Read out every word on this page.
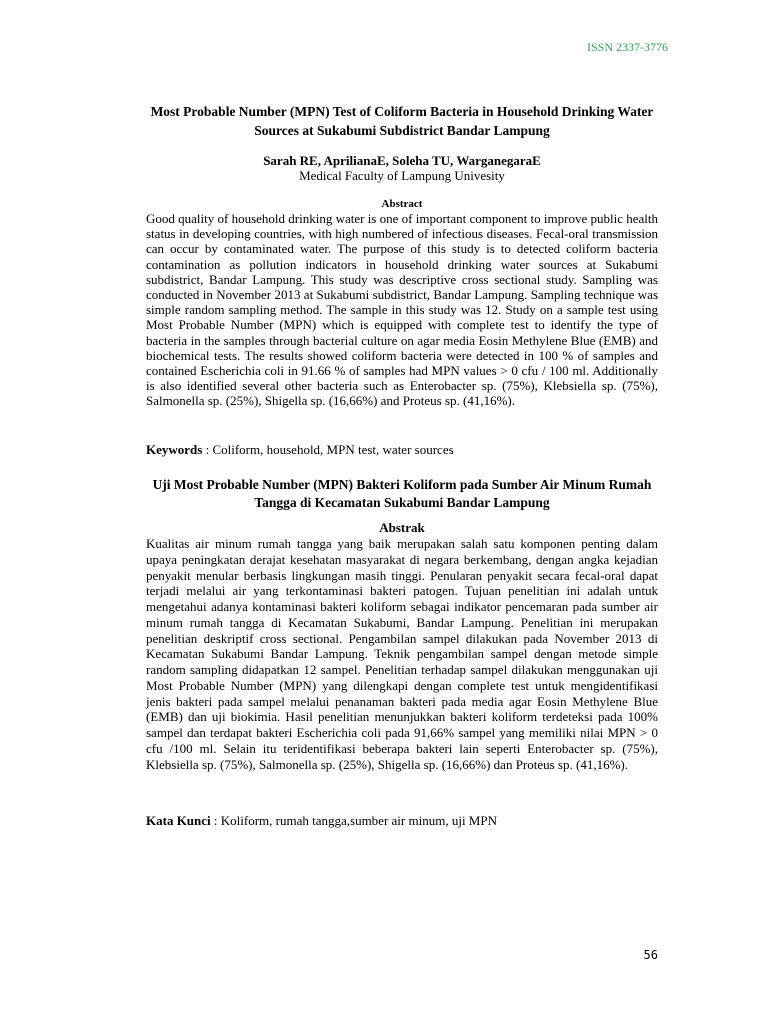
ISSN 2337-3776
Most Probable Number (MPN) Test of Coliform Bacteria in Household Drinking Water Sources at Sukabumi Subdistrict Bandar Lampung
Sarah RE, AprilianaE, Soleha TU, WarganegaraE
Medical Faculty of Lampung Univesity
Abstract
Good quality of household drinking water is one of important component to improve public health status in developing countries, with high numbered of infectious diseases. Fecal-oral transmission can occur by contaminated water. The purpose of this study is to detected coliform bacteria contamination as pollution indicators in household drinking water sources at Sukabumi subdistrict, Bandar Lampung. This study was descriptive cross sectional study. Sampling was conducted in November 2013 at Sukabumi subdistrict, Bandar Lampung. Sampling technique was simple random sampling method. The sample in this study was 12. Study on a sample test using Most Probable Number (MPN) which is equipped with complete test to identify the type of bacteria in the samples through bacterial culture on agar media Eosin Methylene Blue (EMB) and biochemical tests. The results showed coliform bacteria were detected in 100 % of samples and contained Escherichia coli in 91.66 % of samples had MPN values > 0 cfu / 100 ml. Additionally is also identified several other bacteria such as Enterobacter sp. (75%), Klebsiella sp. (75%), Salmonella sp. (25%), Shigella sp. (16,66%) and Proteus sp. (41,16%).
Keywords : Coliform, household, MPN test, water sources
Uji Most Probable Number (MPN) Bakteri Koliform pada Sumber Air Minum Rumah Tangga di Kecamatan Sukabumi Bandar Lampung
Abstrak
Kualitas air minum rumah tangga yang baik merupakan salah satu komponen penting dalam upaya peningkatan derajat kesehatan masyarakat di negara berkembang, dengan angka kejadian penyakit menular berbasis lingkungan masih tinggi. Penularan penyakit secara fecal-oral dapat terjadi melalui air yang terkontaminasi bakteri patogen. Tujuan penelitian ini adalah untuk mengetahui adanya kontaminasi bakteri koliform sebagai indikator pencemaran pada sumber air minum rumah tangga di Kecamatan Sukabumi, Bandar Lampung. Penelitian ini merupakan penelitian deskriptif cross sectional. Pengambilan sampel dilakukan pada November 2013 di Kecamatan Sukabumi Bandar Lampung. Teknik pengambilan sampel dengan metode simple random sampling didapatkan 12 sampel. Penelitian terhadap sampel dilakukan menggunakan uji Most Probable Number (MPN) yang dilengkapi dengan complete test untuk mengidentifikasi jenis bakteri pada sampel melalui penanaman bakteri pada media agar Eosin Methylene Blue (EMB) dan uji biokimia. Hasil penelitian menunjukkan bakteri koliform terdeteksi pada 100% sampel dan terdapat bakteri Escherichia coli pada 91,66% sampel yang memiliki nilai MPN > 0 cfu /100 ml. Selain itu teridentifikasi beberapa bakteri lain seperti Enterobacter sp. (75%), Klebsiella sp. (75%), Salmonella sp. (25%), Shigella sp. (16,66%) dan Proteus sp. (41,16%).
Kata Kunci : Koliform, rumah tangga,sumber air minum, uji MPN
56
